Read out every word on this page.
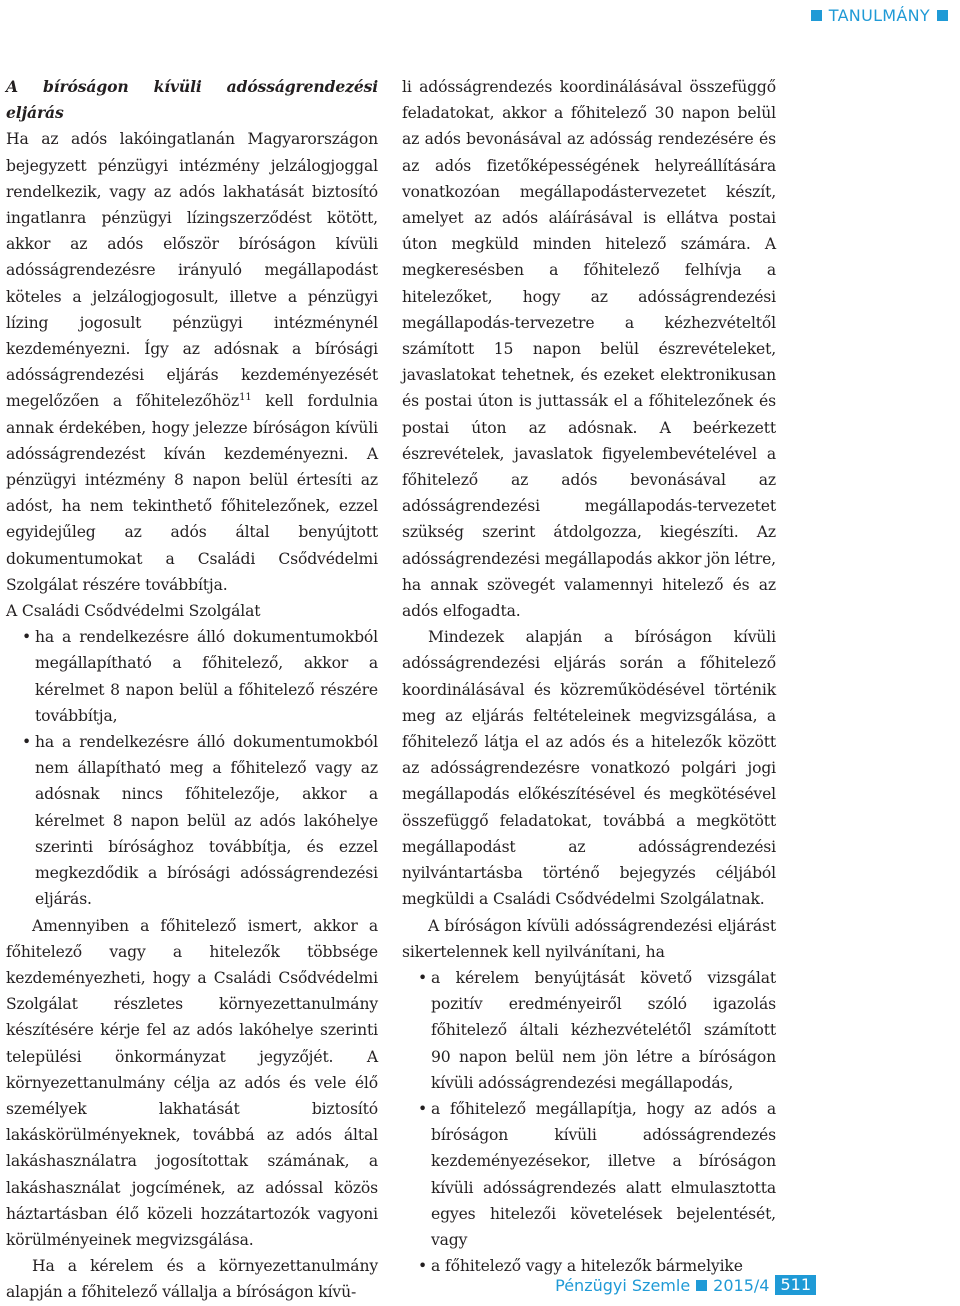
TANULMÁNY

A bíróságon kívüli adósságrendezési eljárás

Ha az adós lakóingatlanán Magyarországon bejegyzett pénzügyi intézmény jelzálogjoggal rendelkezik, vagy az adós lakhatását biztosító ingatlanra pénzügyi lízingszerződést kötött, akkor az adós először bíróságon kívüli adósságrendezésre irányuló megállapodást köteles a jelzálogjogosult, illetve a pénzügyi lízing jogosult pénzügyi intézménynél kezdeményezni. Így az adósnak a bírósági adósságrendezési eljárás kezdeményezését megelőzően a főhitelezőhöz$^{11}$ kell fordulnia annak érdekében, hogy jelezze bíróságon kívüli adósságrendezést kíván kezdeményezni. A pénzügyi intézmény 8 napon belül értesíti az adóst, ha nem tekinthető főhitelezőnek, ezzel egyidejűleg az adós által benyújtott dokumentumokat a Családi Csődvédelmi Szolgálat részére továbbítja.

A Családi Csődvédelmi Szolgálat

• ha a rendelkezésre álló dokumentumokból megállapítható a főhitelező, akkor a kérelmet 8 napon belül a főhitelező részére továbbítja,
• ha a rendelkezésre álló dokumentumokból nem állapítható meg a főhitelező vagy az adósnak nincs főhitelezője, akkor a kérelmet 8 napon belül az adós lakóhelye szerinti bírósághoz továbbítja, és ezzel megkezdődik a bírósági adósságrendezési eljárás.

Amennyiben a főhitelező ismert, akkor a főhitelező vagy a hitelezők többsége kezdeményezheti, hogy a Családi Csődvédelmi Szolgálat részletes környezettanulmány készítésére kérje fel az adós lakóhelye szerinti települési önkormányzat jegyzőjét. A környezettanulmány célja az adós és vele élő személyek lakhatását biztosító lakáskörülményeknek, továbbá az adós által lakáshasználatra jogosítottak számának, a lakáshasználat jogcímének, az adóssal közös háztartásban élő közeli hozzátartozók vagyoni körülményeinek megvizsgálása.

Ha a kérelem és a környezettanulmány alapján a főhitelező vállalja a bíróságon kívü-

li adósságrendezés koordinálásával összefüggő feladatokat, akkor a főhitelező 30 napon belül az adós bevonásával az adósság rendezésére és az adós fizetőképességének helyreállítására vonatkozóan megállapodástervezetet készít, amelyet az adós aláírásával is ellátva postai úton megküld minden hitelező számára. A megkeresésben a főhitelező felhívja a hitelezőket, hogy az adósságrendezési megállapodás-tervezetre a kézhezvételtől számított 15 napon belül észrevételeket, javaslatokat tehetnek, és ezeket elektronikusan és postai úton is juttassák el a főhitelezőnek és postai úton az adósnak. A beérkezett észrevételek, javaslatok figyelembevételével a főhitelező az adós bevonásával az adósságrendezési megállapodás-tervezetet szükség szerint átdolgozza, kiegészíti. Az adósságrendezési megállapodás akkor jön létre, ha annak szövegét valamennyi hitelező és az adós elfogadta.

Mindezek alapján a bíróságon kívüli adósságrendezési eljárás során a főhitelező koordinálásával és közreműködésével történik meg az eljárás feltételeinek megvizsgálása, a főhitelező látja el az adós és a hitelezők között az adósságrendezésre vonatkozó polgári jogi megállapodás előkészítésével és megkötésével összefüggő feladatokat, továbbá a megkötött megállapodást az adósságrendezési nyilvántartásba történő bejegyzés céljából megküldi a Családi Csődvédelmi Szolgálatnak.

A bíróságon kívüli adósságrendezési eljárást sikertelennek kell nyilvánítani, ha

• a kérelem benyújtását követő vizsgálat pozitív eredményeiről szóló igazolás főhitelező általi kézhezvételétől számított 90 napon belül nem jön létre a bíróságon kívüli adósságrendezési megállapodás,
• a főhitelező megállapítja, hogy az adós a bíróságon kívüli adósságrendezés kezdeményezésekor, illetve a bíróságon kívüli adósságrendezés alatt elmulasztotta egyes hitelezői követelések bejelentését, vagy
• a főhitelező vagy a hitelezők bármelyike
Pénzügyi Szemle 2015/4 511
